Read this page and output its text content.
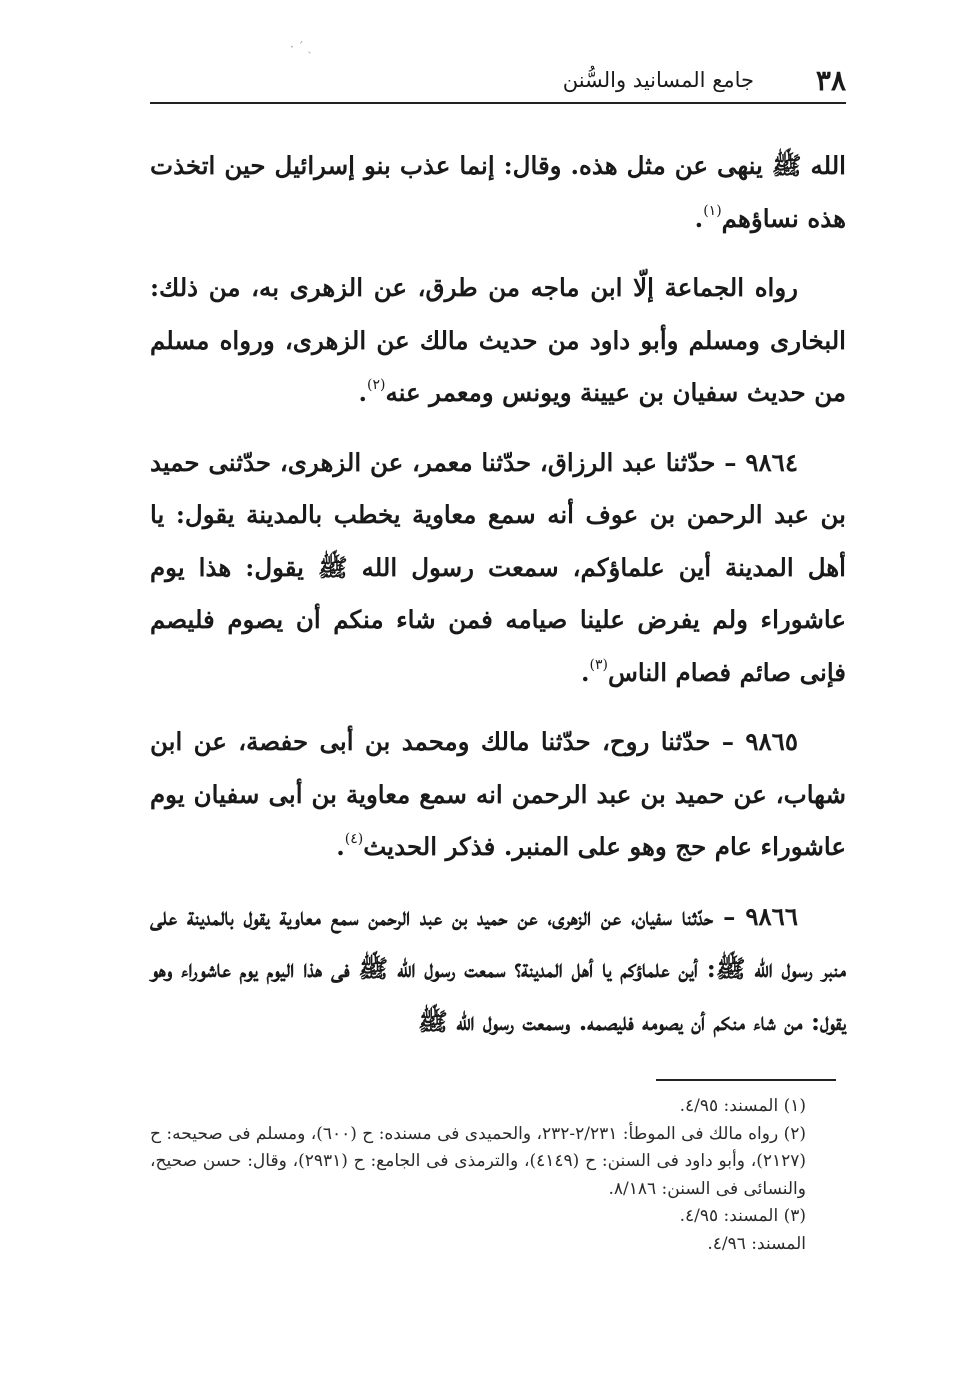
· ˊ ˎ
٣٨
جامع المسانيد والسُّنن

الله ﷺ ينهى عن مثل هذه. وقال: إنما عذب بنو إسرائيل حين اتخذت هذه نساؤهم$^{(١)}$.

رواه الجماعة إلّا ابن ماجه من طرق، عن الزهرى به، من ذلك: البخارى ومسلم وأبو داود من حديث مالك عن الزهرى، ورواه مسلم من حديث سفيان بن عيينة ويونس ومعمر عنه$^{(٢)}$.

٩٨٦٤ – حدّثنا عبد الرزاق، حدّثنا معمر، عن الزهرى، حدّثنى حميد بن عبد الرحمن بن عوف أنه سمع معاوية يخطب بالمدينة يقول: يا أهل المدينة أين علماؤكم، سمعت رسول الله ﷺ يقول: هذا يوم عاشوراء ولم يفرض علينا صيامه فمن شاء منكم أن يصوم فليصم فإنى صائم فصام الناس$^{(٣)}$.

٩٨٦٥ – حدّثنا روح، حدّثنا مالك ومحمد بن أبى حفصة، عن ابن شهاب، عن حميد بن عبد الرحمن انه سمع معاوية بن أبى سفيان يوم عاشوراء عام حج وهو على المنبر. فذكر الحديث$^{(٤)}$.

٩٨٦٦ – حدّثنا سفيان، عن الزهرى، عن حميد بن عبد الرحمن سمع معاوية يقول بالمدينة على منبر رسول الله ﷺ: أين علماؤكم يا أهل المدينة؟ سمعت رسول الله ﷺ فى هذا اليوم يوم عاشوراء وهو يقول: من شاء منكم أن يصومه فليصمه. وسمعت رسول الله ﷺ

(١) المسند: ٤/٩٥.

(٢) رواه مالك فى الموطأ: ٢/٢٣١-٢٣٢، والحميدى فى مسنده: ح (٦٠٠)، ومسلم فى صحيحه: ح (٢١٢٧)، وأبو داود فى السنن: ح (٤١٤٩)، والترمذى فى الجامع: ح (٢٩٣١)، وقال: حسن صحيح، والنسائى فى السنن: ٨/١٨٦.

(٣) المسند: ٤/٩٥.

المسند: ٤/٩٦.
